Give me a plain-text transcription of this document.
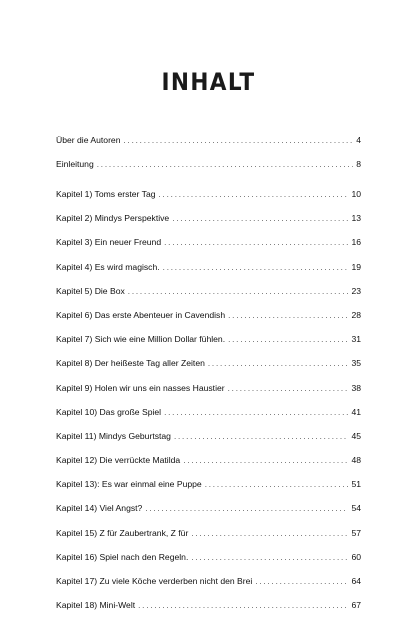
INHALT
Über die Autoren . . .	4
Einleitung . . .	8
Kapitel 1) Toms erster Tag . . .	10
Kapitel 2) Mindys Perspektive . . .	13
Kapitel 3) Ein neuer Freund . . .	16
Kapitel 4) Es wird magisch. . . .	19
Kapitel 5) Die Box . . .	23
Kapitel 6) Das erste Abenteuer in Cavendish . . .	28
Kapitel 7) Sich wie eine Million Dollar fühlen. . . .	31
Kapitel 8) Der heißeste Tag aller Zeiten . . .	35
Kapitel 9) Holen wir uns ein nasses Haustier . . .	38
Kapitel 10) Das große Spiel . . .	41
Kapitel 11) Mindys Geburtstag . . .	45
Kapitel 12) Die verrückte Matilda . . .	48
Kapitel 13): Es war einmal eine Puppe . . .	51
Kapitel 14) Viel Angst? . . .	54
Kapitel 15) Z für Zaubertrank, Z für . . .	57
Kapitel 16) Spiel nach den Regeln. . . .	60
Kapitel 17) Zu viele Köche verderben nicht den Brei . . .	64
Kapitel 18) Mini-Welt . . .	67
